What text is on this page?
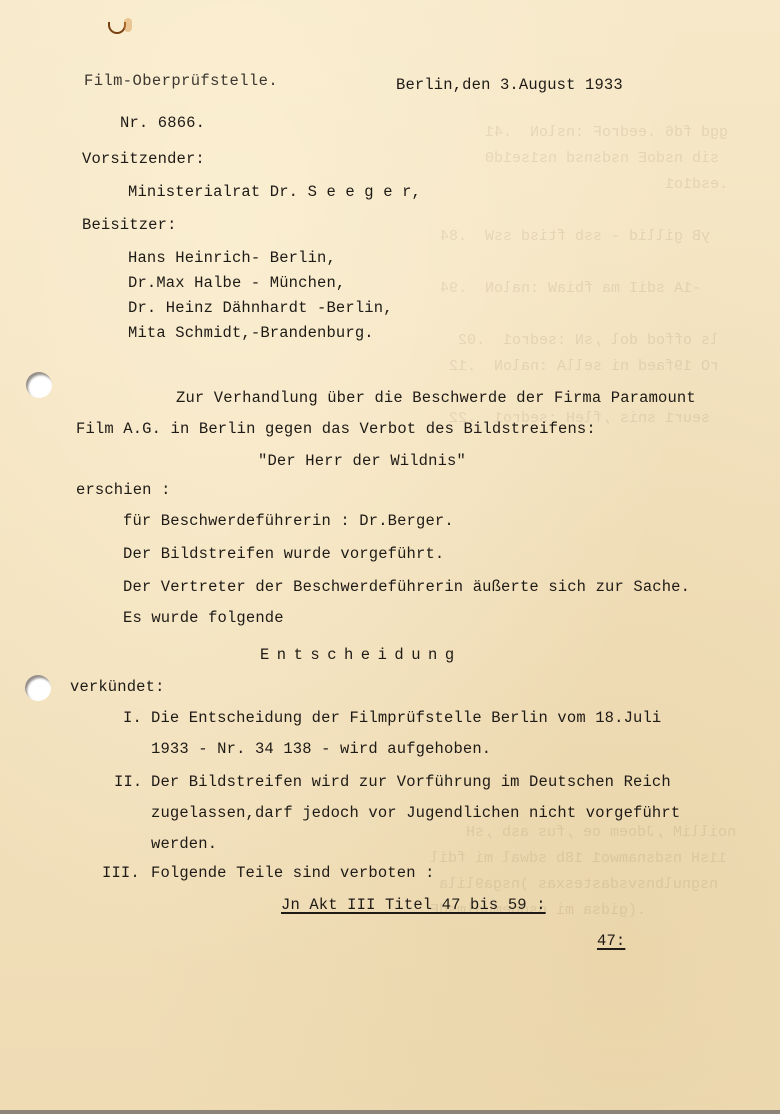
ggd fd6 .eedroF :nsloN  .41
sib nsdoE nsdsnsd ns1se1d0
.esd1o1

yB gillid - ssb ftisd ssW  .84

-1A sdiI ma fbiaW :naloN  .94

ls offod dol ,sN :sedro1  .02
rO 19faed ni sellA :naloN  .12

seur1 snis ,fleH :sedro1  .22
noilliM ,Jdoem oe ,fus asb ,sH
11sH nsdsnamwo1 18b sdwal mi fdil
nsgnulbnsvsdastesxas )nsga9lila
.(gidsa mi nsdoemuolmsdE
Film-Oberprüfstelle.	Berlin,den 3.August 1933
Nr. 6866.
Vorsitzender:
Ministerialrat Dr. S e e g e r,
Beisitzer:
Hans Heinrich- Berlin,
Dr.Max Halbe - München,
Dr. Heinz Dähnhardt -Berlin,
Mita Schmidt,-Brandenburg.
Zur Verhandlung über die Beschwerde der Firma Paramount
Film A.G. in Berlin gegen das Verbot des Bildstreifens:
"Der Herr der Wildnis"
erschien :
für Beschwerdeführerin : Dr.Berger.
Der Bildstreifen wurde vorgeführt.
Der Vertreter der Beschwerdeführerin äußerte sich zur Sache.
Es wurde folgende
Entscheidung
verkündet:
I. Die Entscheidung der Filmprüfstelle Berlin vom 18.Juli
1933 - Nr. 34 138 - wird aufgehoben.
II. Der Bildstreifen wird zur Vorführung im Deutschen Reich
zugelassen,darf jedoch vor Jugendlichen nicht vorgeführt
werden.
III. Folgende Teile sind verboten :
Jn Akt III Titel 47 bis 59 :
47:
